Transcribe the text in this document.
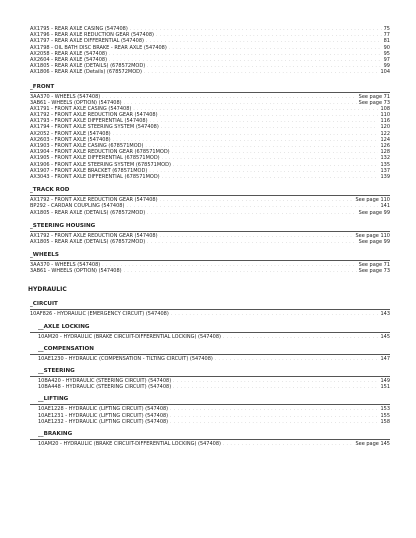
AX1795 - REAR AXLE CASING (547408) . . .	75
AX1796 - REAR AXLE REDUCTION GEAR (547408) . . .	77
AX1797 - REAR AXLE DIFFERENTIAL (547408) . . .	81
AX1798 - OIL BATH DISC BRAKE - REAR AXLE (547408) . . .	90
AX2058 - REAR AXLE (547408) . . .	95
AX2604 - REAR AXLE (547408) . . .	97
AX1805 - REAR AXLE (DETAILS) (678572MOD) . . .	99
AX1806 - REAR AXLE (Details) (678572MOD) . . .	104
_FRONT
3AA370 - WHEELS (547408) . . .	See page 71
3AB61 - WHEELS (OPTION) (547408) . . .	See page 73
AX1791 - FRONT AXLE CASING (547408) . . .	108
AX1792 - FRONT AXLE REDUCTION GEAR (547408) . . .	110
AX1793 - FRONT AXLE DIFFERENTIAL (547408) . . .	116
AX1794 - FRONT AXLE STEERING SYSTEM (547408) . . .	120
AX2052 - FRONT AXLE (547408) . . .	122
AX2603 - FRONT AXLE (547408) . . .	124
AX1903 - FRONT AXLE CASING (678571MOD) . . .	126
AX1904 - FRONT AXLE REDUCTION GEAR (678571MOD) . . .	128
AX1905 - FRONT AXLE DIFFERENTIAL (678571MOD) . . .	132
AX1906 - FRONT AXLE STEERING SYSTEM (678571MOD) . . .	135
AX1907 - FRONT AXLE BRACKET (678571MOD) . . .	137
AX3043 - FRONT AXLE DIFFERENTIAL (678571MOD) . . .	139
_TRACK ROD
AX1792 - FRONT AXLE REDUCTION GEAR (547408) . . .	See page 110
BP292 - CARDAN COUPLING (547408) . . .	141
AX1805 - REAR AXLE (DETAILS) (678572MOD) . . .	See page 99
_STEERING HOUSING
AX1792 - FRONT AXLE REDUCTION GEAR (547408) . . .	See page 110
AX1805 - REAR AXLE (DETAILS) (678572MOD) . . .	See page 99
_WHEELS
3AA370 - WHEELS (547408) . . .	See page 71
3AB61 - WHEELS (OPTION) (547408) . . .	See page 73
HYDRAULIC
_CIRCUIT
10AF826 - HYDRAULIC (EMERGENCY CIRCUIT) (547408) . . .	143
__AXLE LOCKING
10AM20 - HYDRAULIC (BRAKE CIRCUIT-DIFFERENTIAL LOCKING) (547408) . . .	145
__COMPENSATION
10AE1230 - HYDRAULIC (COMPENSATION - TILTING CIRCUIT) (547408) . . .	147
__STEERING
10BA420 - HYDRAULIC (STEERING CIRCUIT) (547408) . . .	149
10BA448 - HYDRAULIC (STEERING CIRCUIT) (547408) . . .	151
__LIFTING
10AE1228 - HYDRAULIC (LIFTING CIRCUIT) (547408) . . .	153
10AE1231 - HYDRAULIC (LIFTING CIRCUIT) (547408) . . .	155
10AE1232 - HYDRAULIC (LIFTING CIRCUIT) (547408) . . .	158
__BRAKING
10AM20 - HYDRAULIC (BRAKE CIRCUIT-DIFFERENTIAL LOCKING) (547408) . . .	See page 145
